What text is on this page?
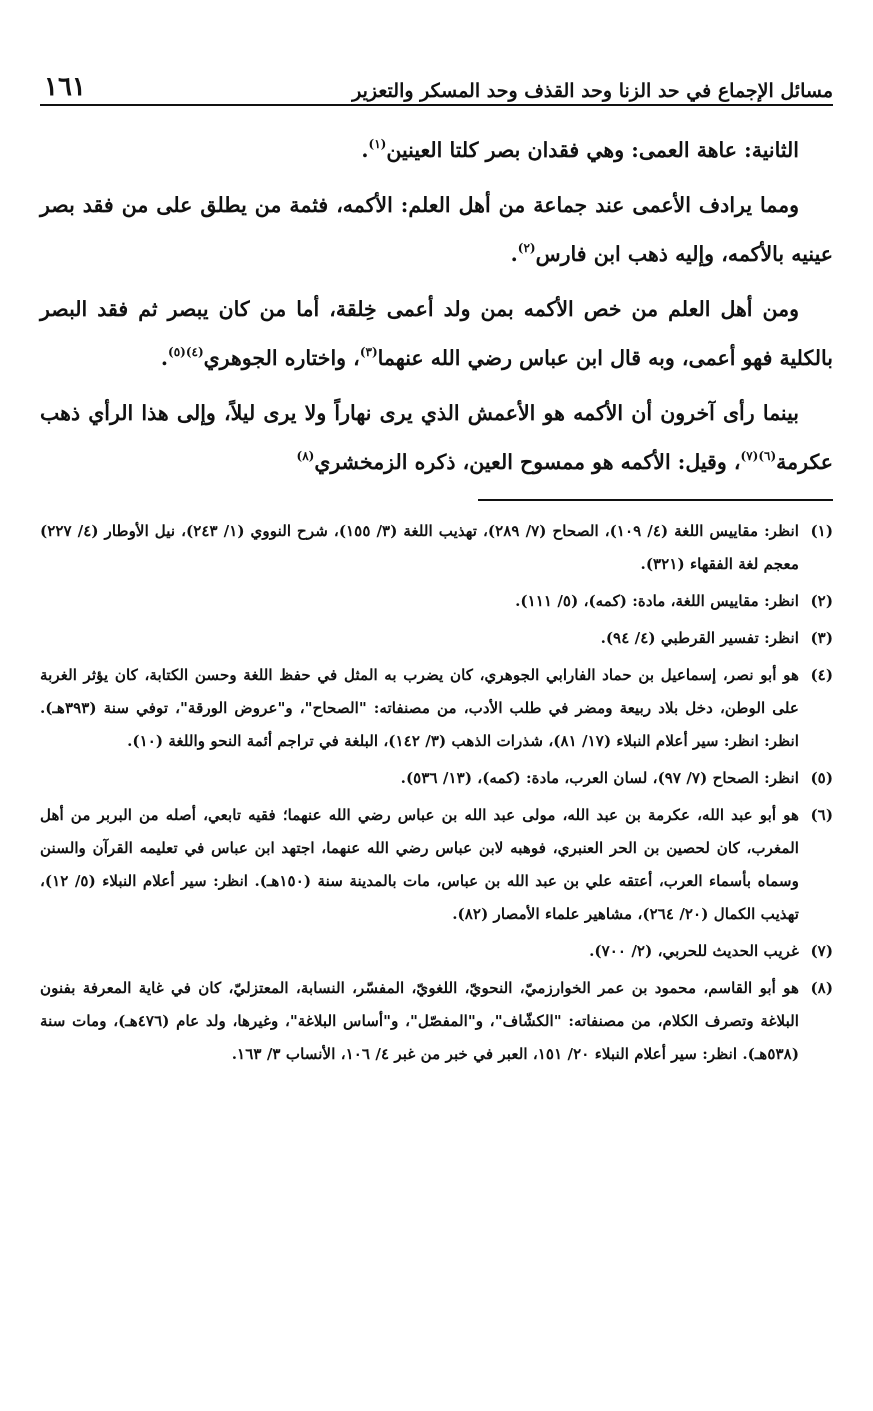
مسائل الإجماع في حد الزنا وحد القذف وحد المسكر والتعزير
١٦١

الثانية: عاهة العمى: وهي فقدان بصر كلتا العينين$^{(١)}$.

ومما يرادف الأعمى عند جماعة من أهل العلم: الأكمه، فثمة من يطلق على من فقد بصر عينيه بالأكمه، وإليه ذهب ابن فارس$^{(٢)}$.

ومن أهل العلم من خص الأكمه بمن ولد أعمى خِلقة، أما من كان يبصر ثم فقد البصر بالكلية فهو أعمى، وبه قال ابن عباس رضي الله عنهما$^{(٣)}$، واختاره الجوهري$^{(٤)(٥)}$.

بينما رأى آخرون أن الأكمه هو الأعمش الذي يرى نهاراً ولا يرى ليلاً، وإلى هذا الرأي ذهب عكرمة$^{(٦)(٧)}$، وقيل: الأكمه هو ممسوح العين، ذكره الزمخشري$^{(٨)}$

(١)
انظر: مقاييس اللغة (٤/ ١٠٩)، الصحاح (٧/ ٢٨٩)، تهذيب اللغة (٣/ ١٥٥)، شرح النووي (١/ ٢٤٣)، نيل الأوطار (٤/ ٢٢٧) معجم لغة الفقهاء (٣٢١).
(٢)
انظر: مقاييس اللغة، مادة: (كمه)، (٥/ ١١١).
(٣)
انظر: تفسير القرطبي (٤/ ٩٤).
(٤)
هو أبو نصر، إسماعيل بن حماد الفارابي الجوهري، كان يضرب به المثل في حفظ اللغة وحسن الكتابة، كان يؤثر الغربة على الوطن، دخل بلاد ربيعة ومضر في طلب الأدب، من مصنفاته: "الصحاح"، و"عروض الورقة"، توفي سنة (٣٩٣هـ). انظر: انظر: سير أعلام النبلاء (١٧/ ٨١)، شذرات الذهب (٣/ ١٤٢)، البلغة في تراجم أئمة النحو واللغة (١٠).
(٥)
انظر: الصحاح (٧/ ٩٧)، لسان العرب، مادة: (كمه)، (١٣/ ٥٣٦).
(٦)
هو أبو عبد الله، عكرمة بن عبد الله، مولى عبد الله بن عباس رضي الله عنهما؛ فقيه تابعي، أصله من البربر من أهل المغرب، كان لحصين بن الحر العنبري، فوهبه لابن عباس رضي الله عنهما، اجتهد ابن عباس في تعليمه القرآن والسنن وسماه بأسماء العرب، أعتقه علي بن عبد الله بن عباس، مات بالمدينة سنة (١٥٠هـ). انظر: سير أعلام النبلاء (٥/ ١٢)، تهذيب الكمال (٢٠/ ٢٦٤)، مشاهير علماء الأمصار (٨٢).
(٧)
غريب الحديث للحربي، (٢/ ٧٠٠).
(٨)
هو أبو القاسم، محمود بن عمر الخوارزميّ، النحويّ، اللغويّ، المفسّر، النسابة، المعتزليّ، كان في غاية المعرفة بفنون البلاغة وتصرف الكلام، من مصنفاته: "الكشّاف"، و"المفصّل"، و"أساس البلاغة"، وغيرها، ولد عام (٤٧٦هـ)، ومات سنة (٥٣٨هـ). انظر: سير أعلام النبلاء ٢٠/ ١٥١، العبر في خبر من غبر ٤/ ١٠٦، الأنساب ٣/ ١٦٣.
